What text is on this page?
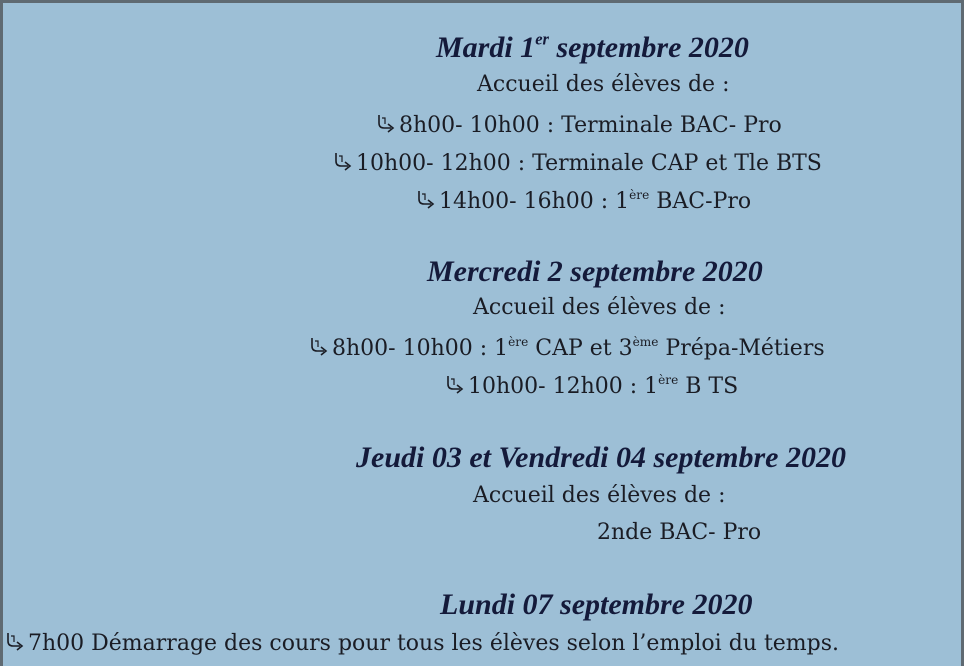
Mardi 1er septembre 2020
Accueil des élèves de :
8h00- 10h00 : Terminale BAC- Pro
10h00- 12h00 : Terminale CAP et Tle BTS
14h00- 16h00 : 1ère BAC-Pro
Mercredi 2 septembre 2020
Accueil des élèves de :
8h00- 10h00 : 1ère CAP et 3ème Prépa-Métiers
10h00- 12h00 : 1ère B TS
Jeudi 03 et Vendredi 04 septembre 2020
Accueil des élèves de :
2nde BAC- Pro
Lundi 07 septembre 2020
7h00 Démarrage des cours pour tous les élèves selon l’emploi du temps.
